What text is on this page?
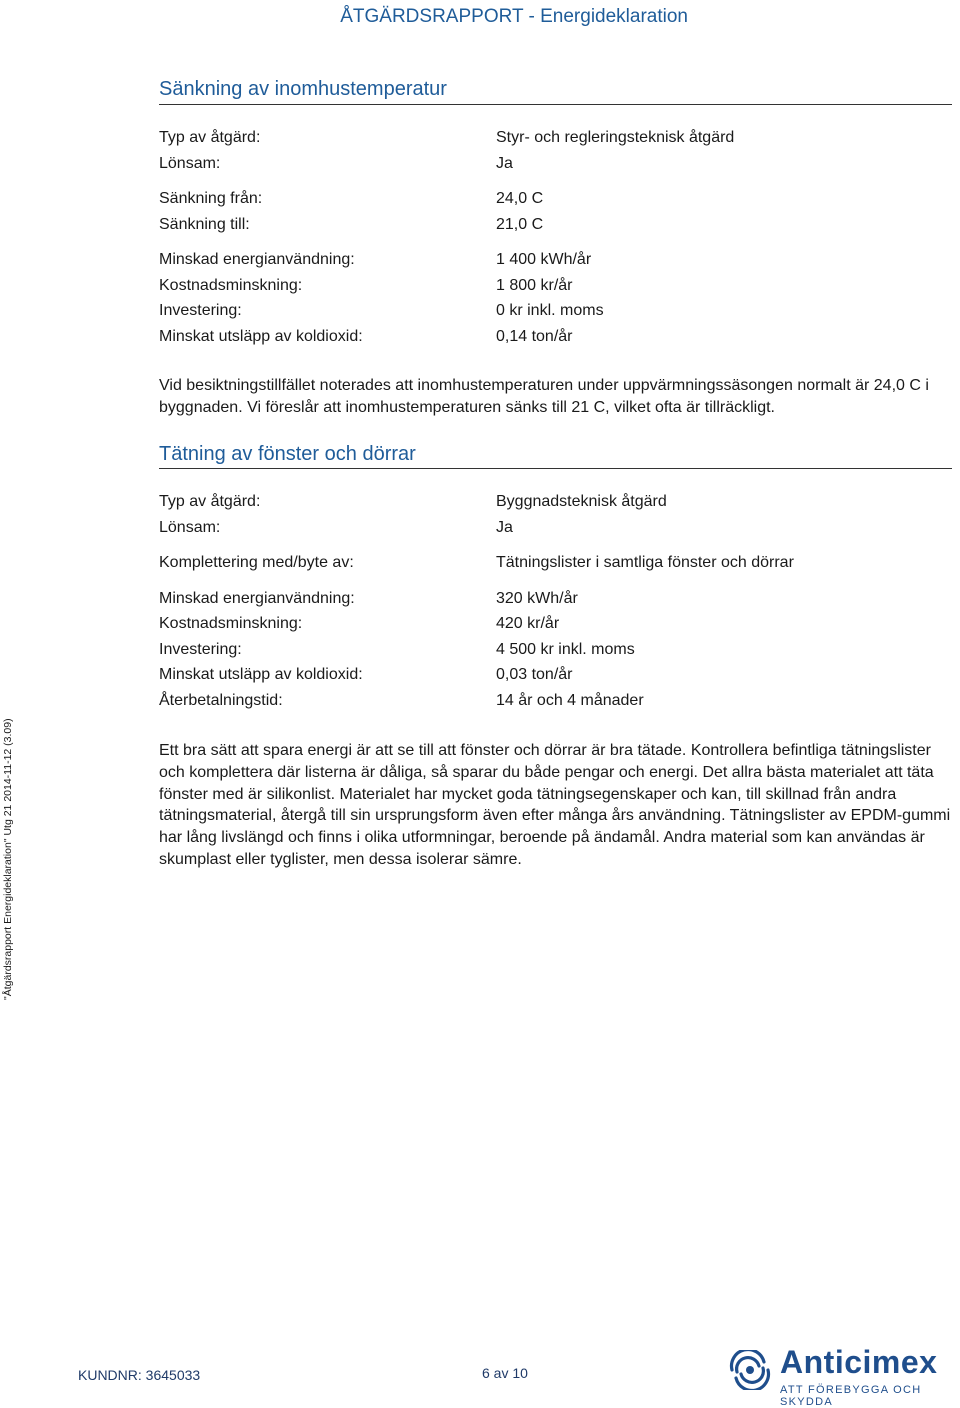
ÅTGÄRDSRAPPORT - Energideklaration
"Åtgärdsrapport Energideklaration" Utg 21 2014-11-12 (3.09)
Sänkning av inomhustemperatur
Typ av åtgärd:	Styr- och regleringsteknisk åtgärd
Lönsam:	Ja
Sänkning från:	24,0 C
Sänkning till:	21,0 C
Minskad energianvändning:	1 400 kWh/år
Kostnadsminskning:	1 800 kr/år
Investering:	0 kr inkl. moms
Minskat utsläpp av koldioxid:	0,14 ton/år
Vid besiktningstillfället noterades att inomhustemperaturen under uppvärmningssäsongen normalt är 24,0 C i byggnaden. Vi föreslår att inomhustemperaturen sänks till 21 C, vilket ofta är tillräckligt.
Tätning av fönster och dörrar
Typ av åtgärd:	Byggnadsteknisk åtgärd
Lönsam:	Ja
Komplettering med/byte av:	Tätningslister i samtliga fönster och dörrar
Minskad energianvändning:	320 kWh/år
Kostnadsminskning:	420 kr/år
Investering:	4 500 kr inkl. moms
Minskat utsläpp av koldioxid:	0,03 ton/år
Återbetalningstid:	14 år och 4 månader
Ett bra sätt att spara energi är att se till att fönster och dörrar är bra tätade. Kontrollera befintliga tätningslister och komplettera där listerna är dåliga, så sparar du både pengar och energi. Det allra bästa materialet att täta fönster med är silikonlist. Materialet har mycket goda tätningsegenskaper och kan, till skillnad från andra tätningsmaterial, återgå till sin ursprungsform även efter många års användning. Tätningslister av EPDM-gummi har lång livslängd och finns i olika utformningar, beroende på ändamål. Andra material som kan användas är skumplast eller tyglister, men dessa isolerar sämre.
KUNDNR: 3645033	6 av 10	Anticimex
ATT FÖREBYGGA OCH SKYDDA
